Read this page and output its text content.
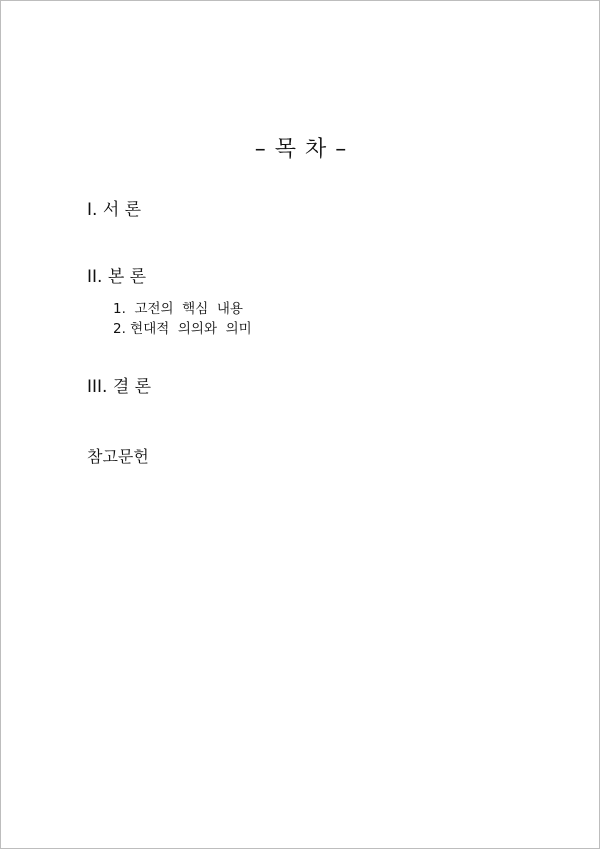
– 목 차 –
I. 서 론
II. 본 론
1.  고전의  핵심  내용
2. 현대적  의의와  의미
III. 결 론
참고문헌
